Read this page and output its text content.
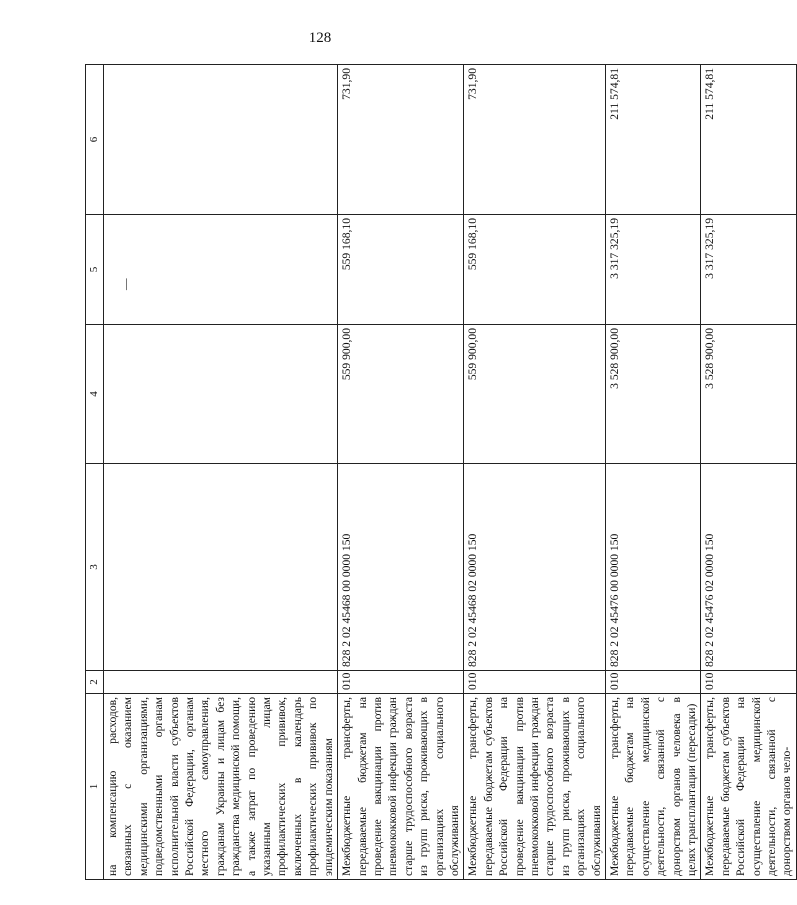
128
1	2	3	4	5	6
на компенсацию расходов, связанных с оказанием медицинскими организациями, подведомственными органам исполнительной власти субъектов Российской Федерации, органам местного самоуправления, гражданам Украины и лицам без гражданства медицинской помощи, а также затрат по проведению указанным лицам профилактических прививок, включенных в календарь профилактических прививок по эпидемическим показаниям				—	
Межбюджетные трансферты, передаваемые бюджетам на проведение вакцинации против пневмококковой инфекции граждан старше трудоспособного возраста из групп риска, проживающих в организациях социального обслуживания	010	828 2 02 45468 00 0000 150	559 900,00	559 168,10	731,90
Межбюджетные трансферты, передаваемые бюджетам субъектов Российской Федерации на проведение вакцинации против пневмококковой инфекции граждан старше трудоспособного возраста из групп риска, проживающих в организациях социального обслуживания	010	828 2 02 45468 02 0000 150	559 900,00	559 168,10	731,90
Межбюджетные трансферты, передаваемые бюджетам на осуществление медицинской деятельности, связанной с донорством органов человека в целях трансплантации (пересадки)	010	828 2 02 45476 00 0000 150	3 528 900,00	3 317 325,19	211 574,81
Межбюджетные трансферты, передаваемые бюджетам субъектов Российской Федерации на осуществление медицинской деятельности, связанной с донорством органов чело-	010	828 2 02 45476 02 0000 150	3 528 900,00	3 317 325,19	211 574,81
